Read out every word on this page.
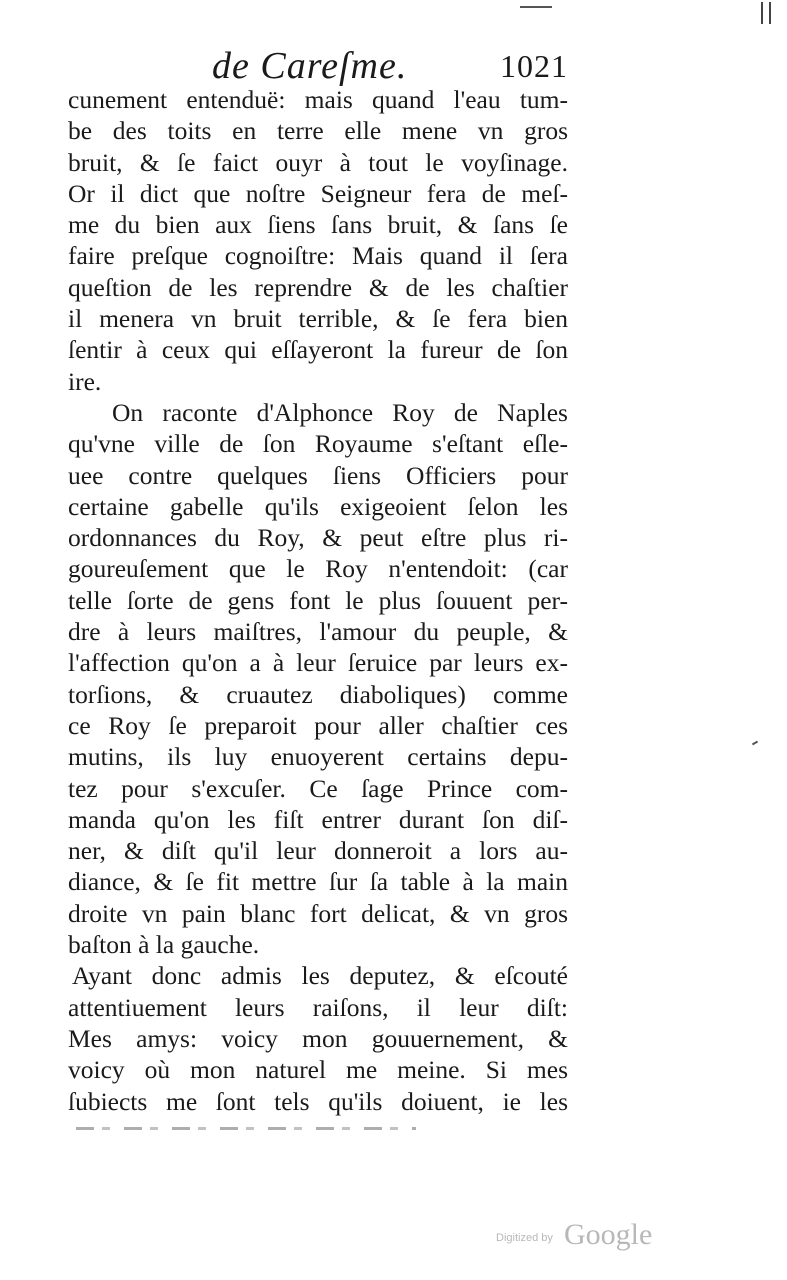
de Careſme.	1021
cunement entenduë: mais quand l'eau tum-
be des toits en terre elle mene vn gros
bruit, & ſe faict ouyr à tout le voyſinage.
Or il dict que noſtre Seigneur fera de meſ-
me du bien aux ſiens ſans bruit, & ſans ſe
faire preſque cognoiſtre: Mais quand il ſera
queſtion de les reprendre & de les chaſtier
il menera vn bruit terrible, & ſe fera bien
ſentir à ceux qui eſſayeront la fureur de ſon
ire.
On raconte d'Alphonce Roy de Naples
qu'vne ville de ſon Royaume s'eſtant eſle-
uee contre quelques ſiens Officiers pour
certaine gabelle qu'ils exigeoient ſelon les
ordonnances du Roy, & peut eſtre plus ri-
goureuſement que le Roy n'entendoit: (car
telle ſorte de gens font le plus ſouuent per-
dre à leurs maiſtres, l'amour du peuple, &
l'affection qu'on a à leur ſeruice par leurs ex-
torſions, & cruautez diaboliques) comme
ce Roy ſe preparoit pour aller chaſtier ces
mutins, ils luy enuoyerent certains depu-
tez pour s'excuſer. Ce ſage Prince com-
manda qu'on les fiſt entrer durant ſon diſ-
ner, & diſt qu'il leur donneroit a lors au-
diance, & ſe fit mettre ſur ſa table à la main
droite vn pain blanc fort delicat, & vn gros
baſton à la gauche.
Ayant donc admis les deputez, & eſcouté
attentiuement leurs raiſons, il leur diſt:
Mes amys: voicy mon gouuernement, &
voicy où mon naturel me meine. Si mes
ſubiects me ſont tels qu'ils doiuent, ie les
Digitized by Google
